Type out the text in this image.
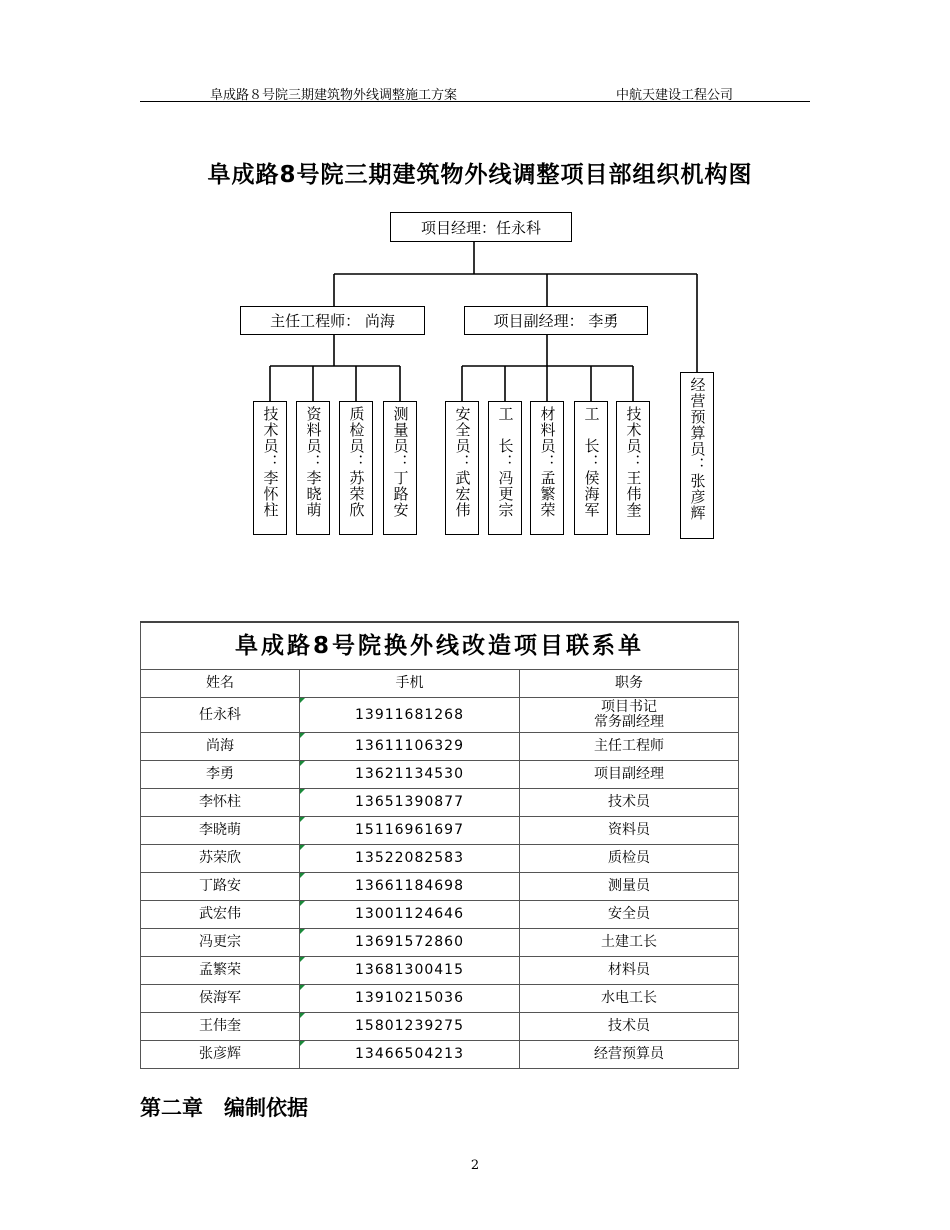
阜成路８号院三期建筑物外线调整施工方案	中航天建设工程公司
阜成路8号院三期建筑物外线调整项目部组织机构图
项目经理：任永科
主任工程师： 尚海	项目副经理： 李勇
技术员：李怀柱	资料员：李晓萌	质检员：苏荣欣	测量员：丁路安	安全员：武宏伟	工　长：冯更宗	材料员：孟繁荣	工　长：侯海军	技术员：王伟奎	经营预算员：张彦辉
阜成路8号院换外线改造项目联系单		
姓名	手机	职务
任永科	13911681268	项目书记
常务副经理
尚海	13611106329	主任工程师
李勇	13621134530	项目副经理
李怀柱	13651390877	技术员
李晓萌	15116961697	资料员
苏荣欣	13522082583	质检员
丁路安	13661184698	测量员
武宏伟	13001124646	安全员
冯更宗	13691572860	土建工长
孟繁荣	13681300415	材料员
侯海军	13910215036	水电工长
王伟奎	15801239275	技术员
张彦辉	13466504213	经营预算员
第二章　编制依据
2
